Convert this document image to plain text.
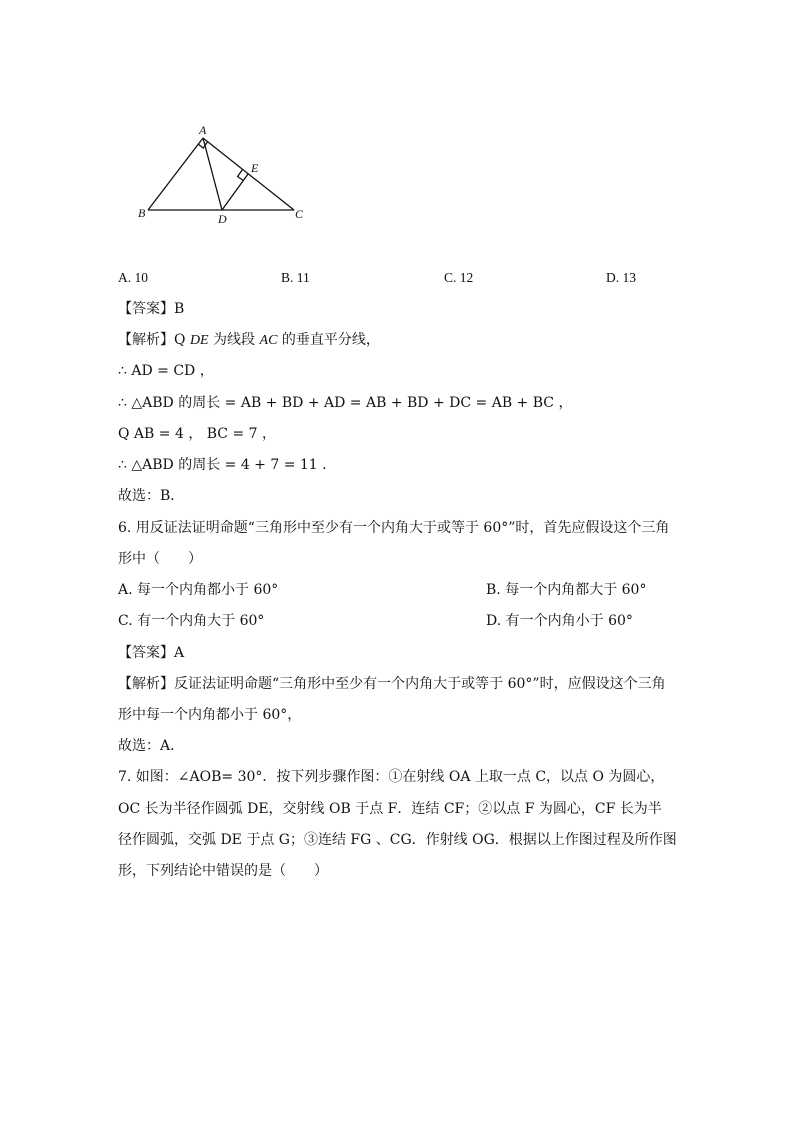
A
E
B	D	C
A. 10	B. 11	C. 12	D. 13
【答案】B
【解析】Q DE 为线段 AC 的垂直平分线，
∴ AD = CD ，
∴ △ABD 的周长 = AB + BD + AD = AB + BD + DC = AB + BC ，
Q AB = 4 ， BC = 7 ，
∴ △ABD 的周长 = 4 + 7 = 11 .
故选：B．
6. 用反证法证明命题“三角形中至少有一个内角大于或等于 60°”时，首先应假设这个三角
形中（　　）
A. 每一个内角都小于 60°	B. 每一个内角都大于 60°
C. 有一个内角大于 60°	D. 有一个内角小于 60°
【答案】A
【解析】反证法证明命题“三角形中至少有一个内角大于或等于 60°”时，应假设这个三角
形中每一个内角都小于 60°，
故选：A．
7. 如图：∠AOB= 30°．按下列步骤作图：①在射线 OA 上取一点 C，以点 O 为圆心，
OC 长为半径作圆弧 DE，交射线 OB 于点 F．连结 CF；②以点 F 为圆心，CF 长为半
径作圆弧，交弧 DE 于点 G；③连结 FG 、CG．作射线 OG．根据以上作图过程及所作图
形，下列结论中错误的是（　　）
